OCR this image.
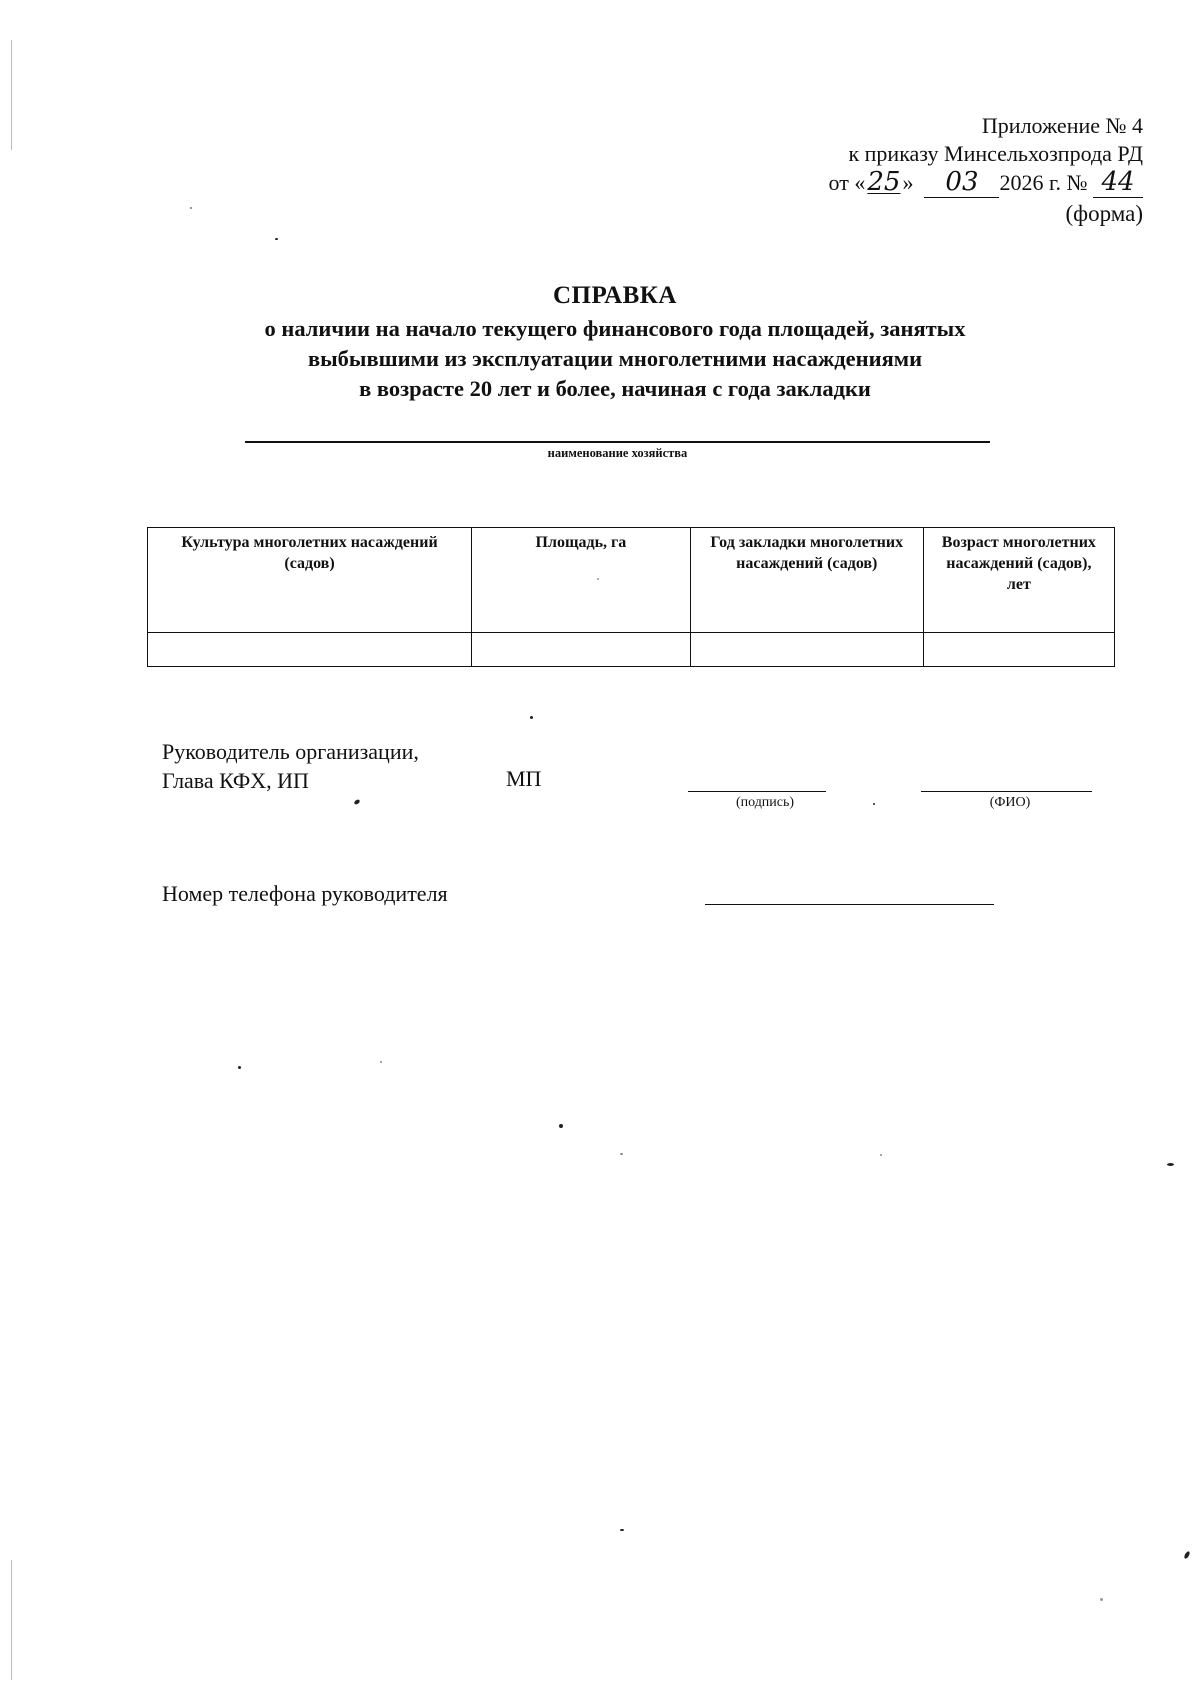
Приложение № 4
к приказу Минсельхозпрода РД
от «25» 03 2026 г. № 44
(форма)
СПРАВКА
о наличии на начало текущего финансового года площадей, занятых
выбывшими из эксплуатации многолетними насаждениями
в возрасте 20 лет и более, начиная с года закладки
наименование хозяйства
Культура многолетних насаждений (садов)	Площадь, га	Год закладки многолетних насаждений (садов)	Возраст многолетних насаждений (садов), лет

Руководитель организации,
Глава КФХ, ИП	МП
(подпись)	(ФИО)
Номер телефона руководителя
